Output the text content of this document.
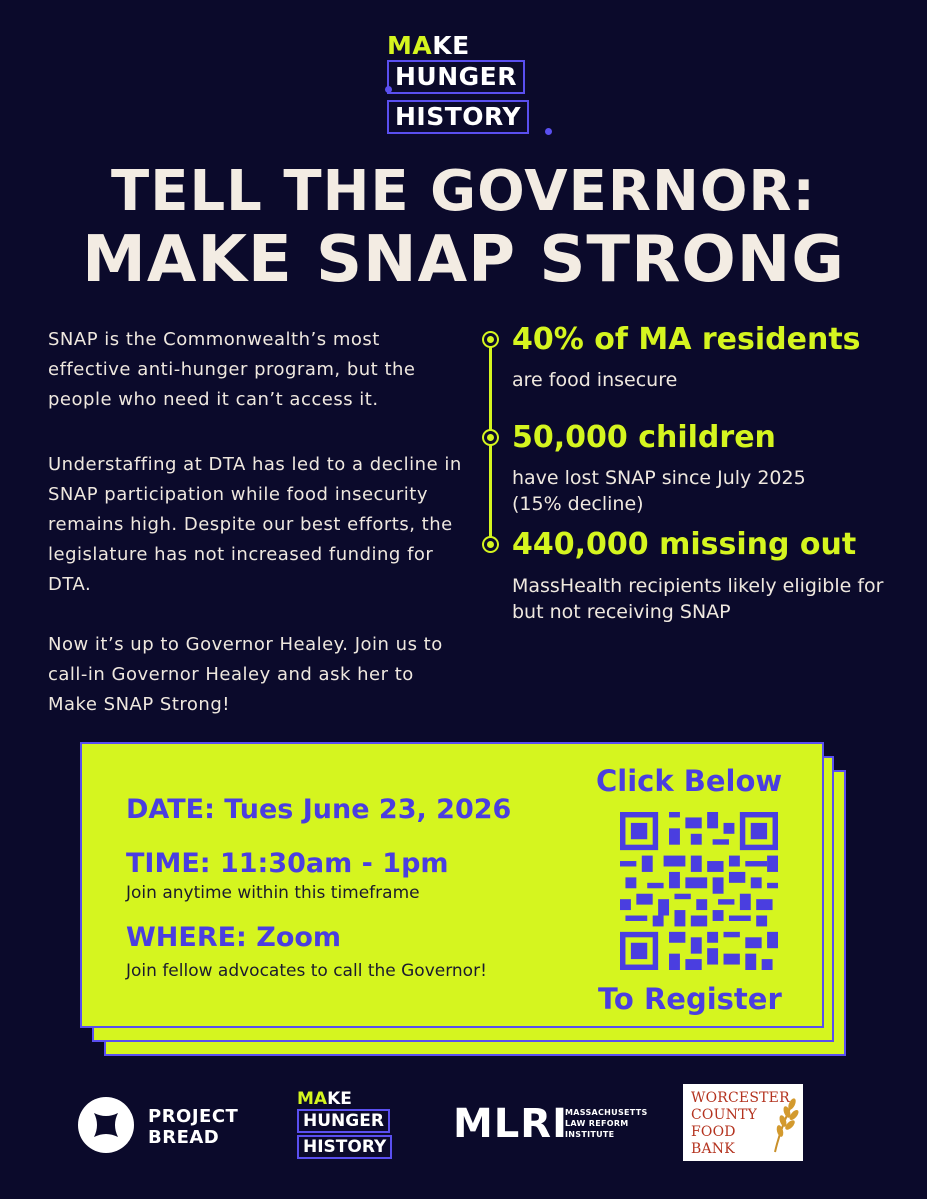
MAKE
HUNGER
HISTORY
TELL THE GOVERNOR:
MAKE SNAP STRONG
SNAP is the Commonwealth’s most effective anti-hunger program, but the people who need it can’t access it.
Understaffing at DTA has led to a decline in SNAP participation while food insecurity remains high. Despite our best efforts, the legislature has not increased funding for DTA.
Now it’s up to Governor Healey. Join us to call-in Governor Healey and ask her to Make SNAP Strong!
40% of MA residents
are food insecure
50,000 children
have lost SNAP since July 2025 (15% decline)
440,000 missing out
MassHealth recipients likely eligible for but not receiving SNAP
DATE: Tues June 23, 2026
TIME: 11:30am - 1pm
Join anytime within this timeframe
WHERE: Zoom
Join fellow advocates to call the Governor!
Click Below
To Register
PROJECT
BREAD
MAKE
HUNGER
HISTORY MLRI
MASSACHUSETTS
LAW REFORM
INSTITUTE
WORCESTER
COUNTY
FOOD
BANK
